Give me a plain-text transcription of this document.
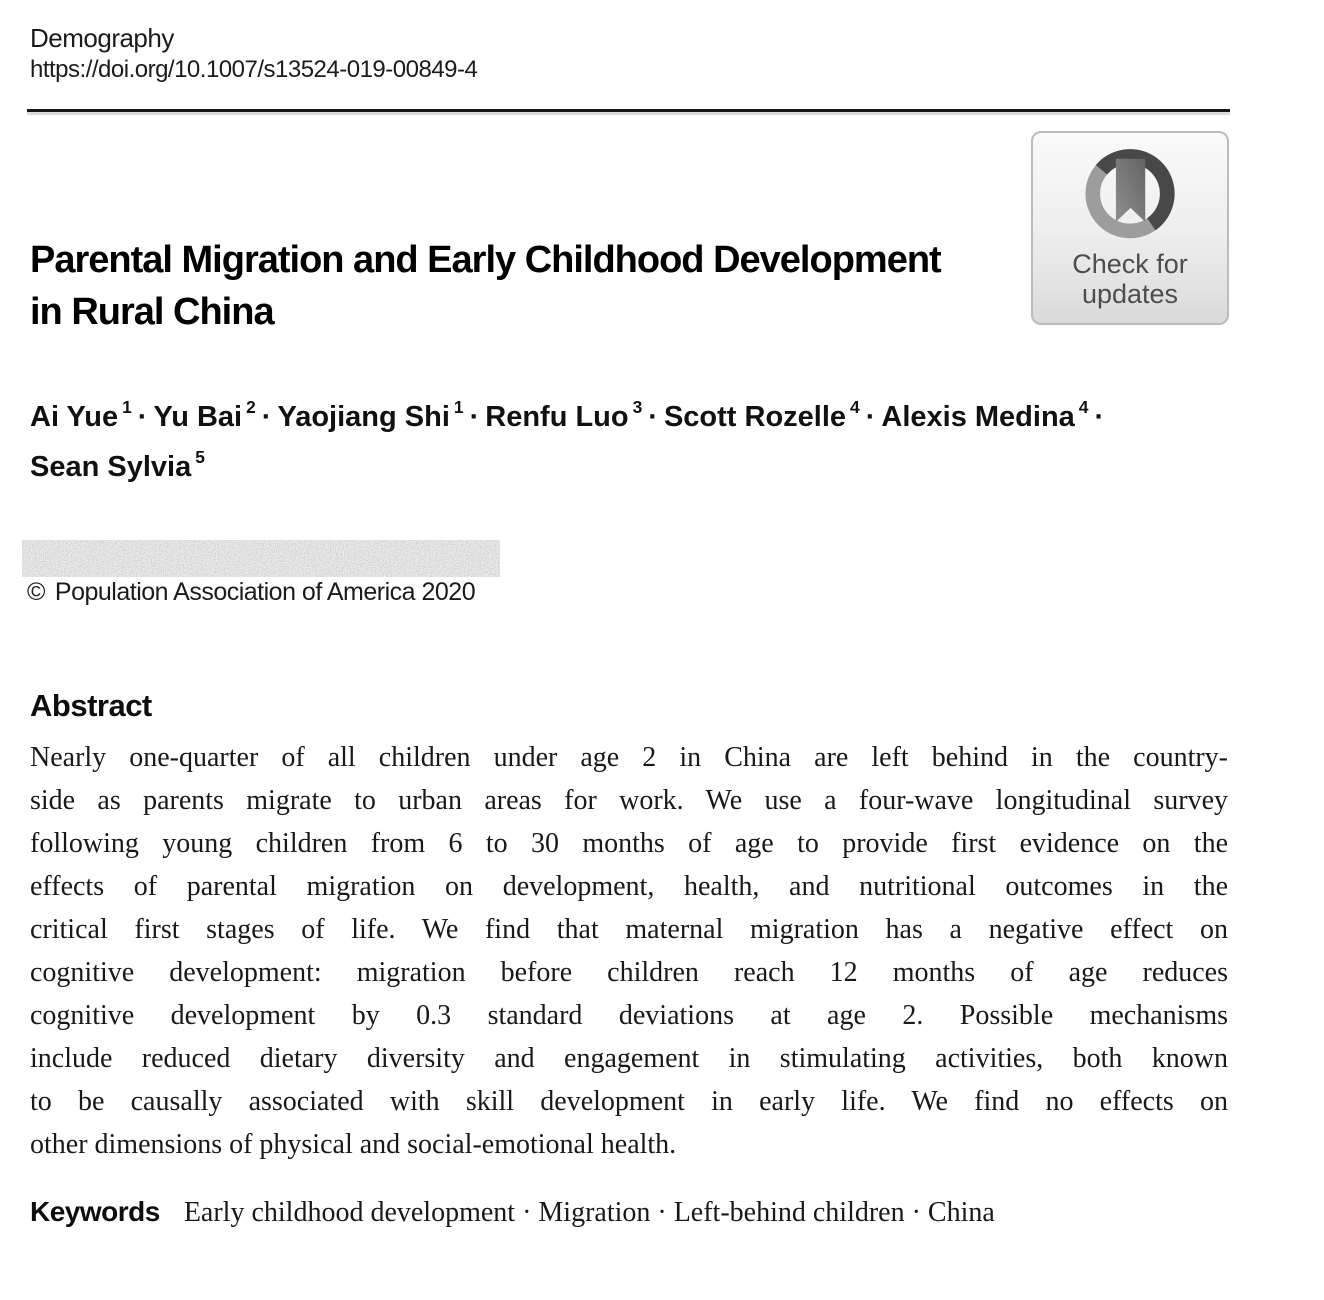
Demography
https://doi.org/10.1007/s13524-019-00849-4
Check for
updates
Parental Migration and Early Childhood Development
in Rural China
Ai Yue $^1$ · Yu Bai $^2$ · Yaojiang Shi $^1$ · Renfu Luo $^3$ · Scott Rozelle $^4$ · Alexis Medina $^4$ ·
Sean Sylvia $^5$
© Population Association of America 2020
Abstract
Nearly one-quarter of all children under age 2 in China are left behind in the country-
side as parents migrate to urban areas for work. We use a four-wave longitudinal survey
following young children from 6 to 30 months of age to provide first evidence on the
effects of parental migration on development, health, and nutritional outcomes in the
critical first stages of life. We find that maternal migration has a negative effect on
cognitive development: migration before children reach 12 months of age reduces
cognitive development by 0.3 standard deviations at age 2. Possible mechanisms
include reduced dietary diversity and engagement in stimulating activities, both known
to be causally associated with skill development in early life. We find no effects on
other dimensions of physical and social-emotional health.
Keywords Early childhood development · Migration · Left-behind children · China
